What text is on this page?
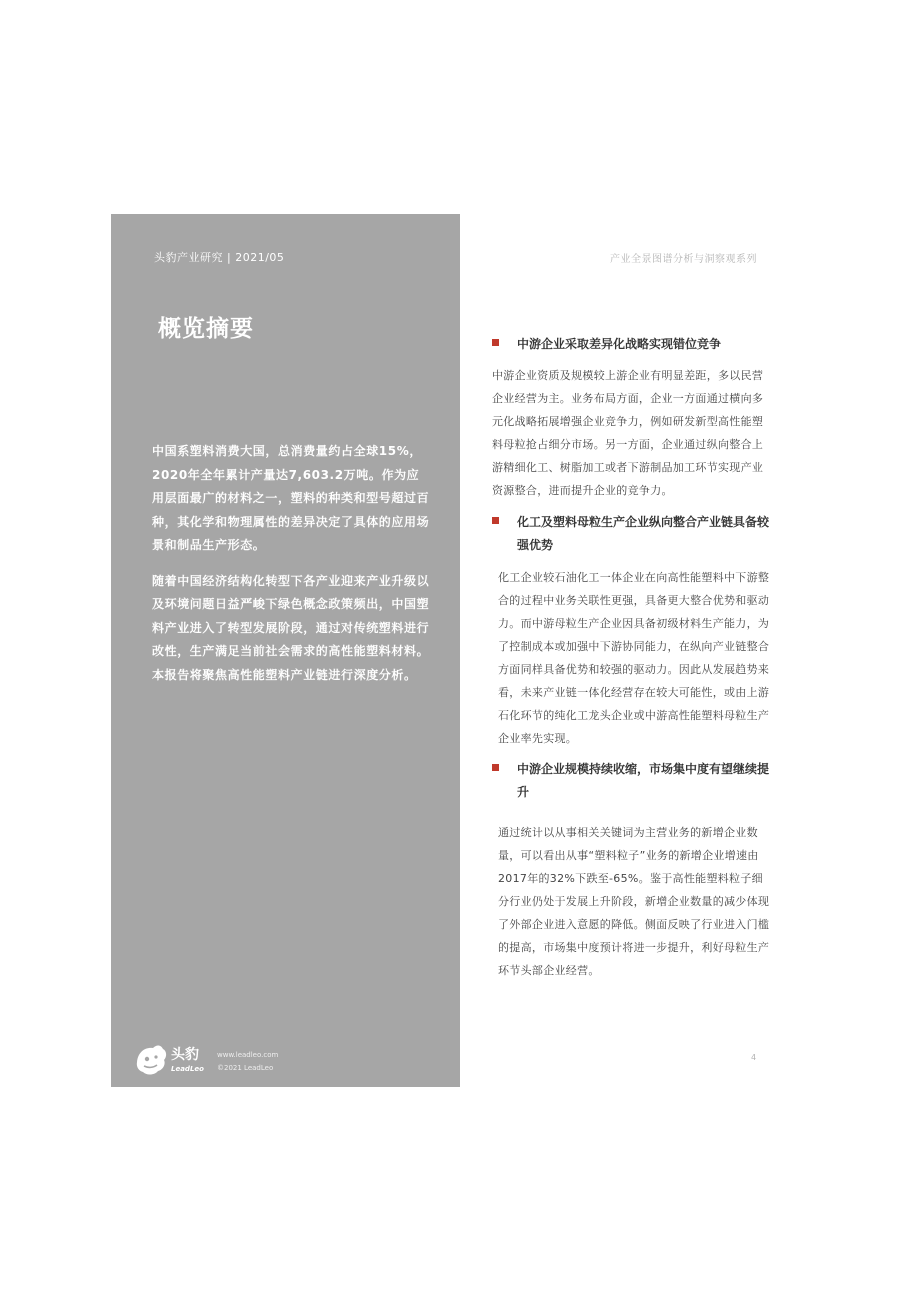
头豹产业研究 | 2021/05
概览摘要

中国系塑料消费大国，总消费量约占全球15%，2020年全年累计产量达7,603.2万吨。作为应用层面最广的材料之一，塑料的种类和型号超过百种，其化学和物理属性的差异决定了具体的应用场景和制品生产形态。

随着中国经济结构化转型下各产业迎来产业升级以及环境问题日益严峻下绿色概念政策频出，中国塑料产业进入了转型发展阶段，通过对传统塑料进行改性，生产满足当前社会需求的高性能塑料材料。本报告将聚焦高性能塑料产业链进行深度分析。

头豹
LeadLeo
www.leadleo.com
©2021 LeadLeo
产业全景图谱分析与洞察观系列
中游企业采取差异化战略实现错位竞争
中游企业资质及规模较上游企业有明显差距，多以民营企业经营为主。业务布局方面，企业一方面通过横向多元化战略拓展增强企业竞争力，例如研发新型高性能塑料母粒抢占细分市场。另一方面，企业通过纵向整合上游精细化工、树脂加工或者下游制品加工环节实现产业资源整合，进而提升企业的竞争力。
化工及塑料母粒生产企业纵向整合产业链具备较强优势
化工企业较石油化工一体企业在向高性能塑料中下游整合的过程中业务关联性更强，具备更大整合优势和驱动力。而中游母粒生产企业因具备初级材料生产能力，为了控制成本或加强中下游协同能力，在纵向产业链整合方面同样具备优势和较强的驱动力。因此从发展趋势来看，未来产业链一体化经营存在较大可能性，或由上游石化环节的纯化工龙头企业或中游高性能塑料母粒生产企业率先实现。
中游企业规模持续收缩，市场集中度有望继续提升
通过统计以从事相关关键词为主营业务的新增企业数量，可以看出从事“塑料粒子”业务的新增企业增速由2017年的32%下跌至-65%。鉴于高性能塑料粒子细分行业仍处于发展上升阶段，新增企业数量的减少体现了外部企业进入意愿的降低。侧面反映了行业进入门槛的提高，市场集中度预计将进一步提升，利好母粒生产环节头部企业经营。
4
